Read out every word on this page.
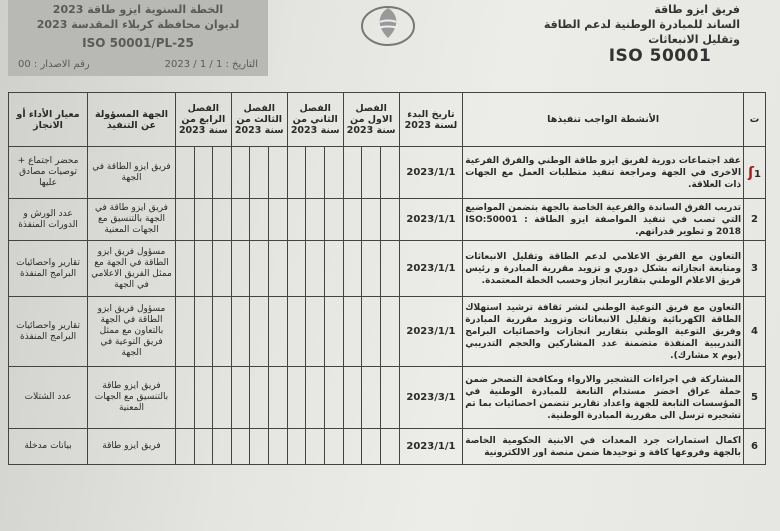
الخطة السنوية ايزو طاقة 2023
لديوان محافظة كربلاء المقدسة 2023
ISO 50001/PL-25
التاريخ : 1 / 1 / 2023
رقم الاصدار : 00
فريق ايزو طاقة
الساند للمبادرة الوطنية لدعم الطاقة
وتقليل الانبعاثات
ISO 50001
ت	الأنشطة الواجب تنفيذها	تاريخ البدء لسنة 2023	الفصل الاول من سنة 2023			الفصل الثاني من سنة 2023			الفصل الثالث من سنة 2023			الفصل الرابع من سنة 2023			الجهة المسؤولة عن التنفيذ	معيار الأداء أو الانجاز
ʃ1	عقد اجتماعات دورية لفريق ايزو طاقة الوطني والفرق الفرعية الاخرى في الجهة ومراجعة تنفيذ متطلبات العمل مع الجهات ذات العلاقة.	2023/1/1													فريق ايزو الطاقة في الجهة	محضر اجتماع + توصيات مصادق عليها
2	تدريب الفرق الساندة والفرعية الخاصة بالجهة بتضمن المواضيع التي تصب في تنفيذ المواصفة ايزو الطاقة ISO:50001 : 2018 و تطوير قدراتهم.	2023/1/1													فريق ايزو طاقة في الجهة بالتنسيق مع الجهات المعنية	عدد الورش و الدورات المنفذة
3	التعاون مع الفريق الاعلامي لدعم الطاقة وتقليل الانبعاثات ومتابعة انجازاته بشكل دوري و تزويد مقررية المبادرة و رئيس فريق الاعلام الوطني بتقارير انجاز وحسب الخطة المعتمدة.	2023/1/1													مسؤول فريق ايزو الطاقة في الجهة مع ممثل الفريق الاعلامي في الجهة	تقارير واحصائيات البرامج المنفذة
4	التعاون مع فريق التوعية الوطني لنشر ثقافة ترشيد استهلاك الطاقة الكهربائية وتقليل الانبعاثات وتزويد مقررية المبادرة وفريق التوعية الوطني بتقارير انجازات واحصائيات البرامج التدريبية المنفذة متضمنة عدد المشاركين والحجم التدريبي (يوم x مشارك).	2023/1/1													مسؤول فريق ايزو الطاقة في الجهة بالتعاون مع ممثل فريق التوعية في الجهة	تقارير واحصائيات البرامج المنفذة
5	المشاركة في اجراءات التشجير والارواء ومكافحة التصحر ضمن حملة عراق اخضر مستدام التابعة للمبادرة الوطنية في المؤسسات التابعة للجهة واعداد تقارير تتضمن احصائيات بما تم تشجيره ترسل الى مقررية المبادرة الوطنية.	2023/3/1													فريق ايزو طاقة بالتنسيق مع الجهات المعنية	عدد الشتلات
6	اكمال استمارات جرد المعدات في الابنية الحكومية الخاصة بالجهة وفروعها كافة و توحيدها ضمن منصة اور الالكترونية	2023/1/1													فريق ايزو طاقة	بيانات مدخلة
